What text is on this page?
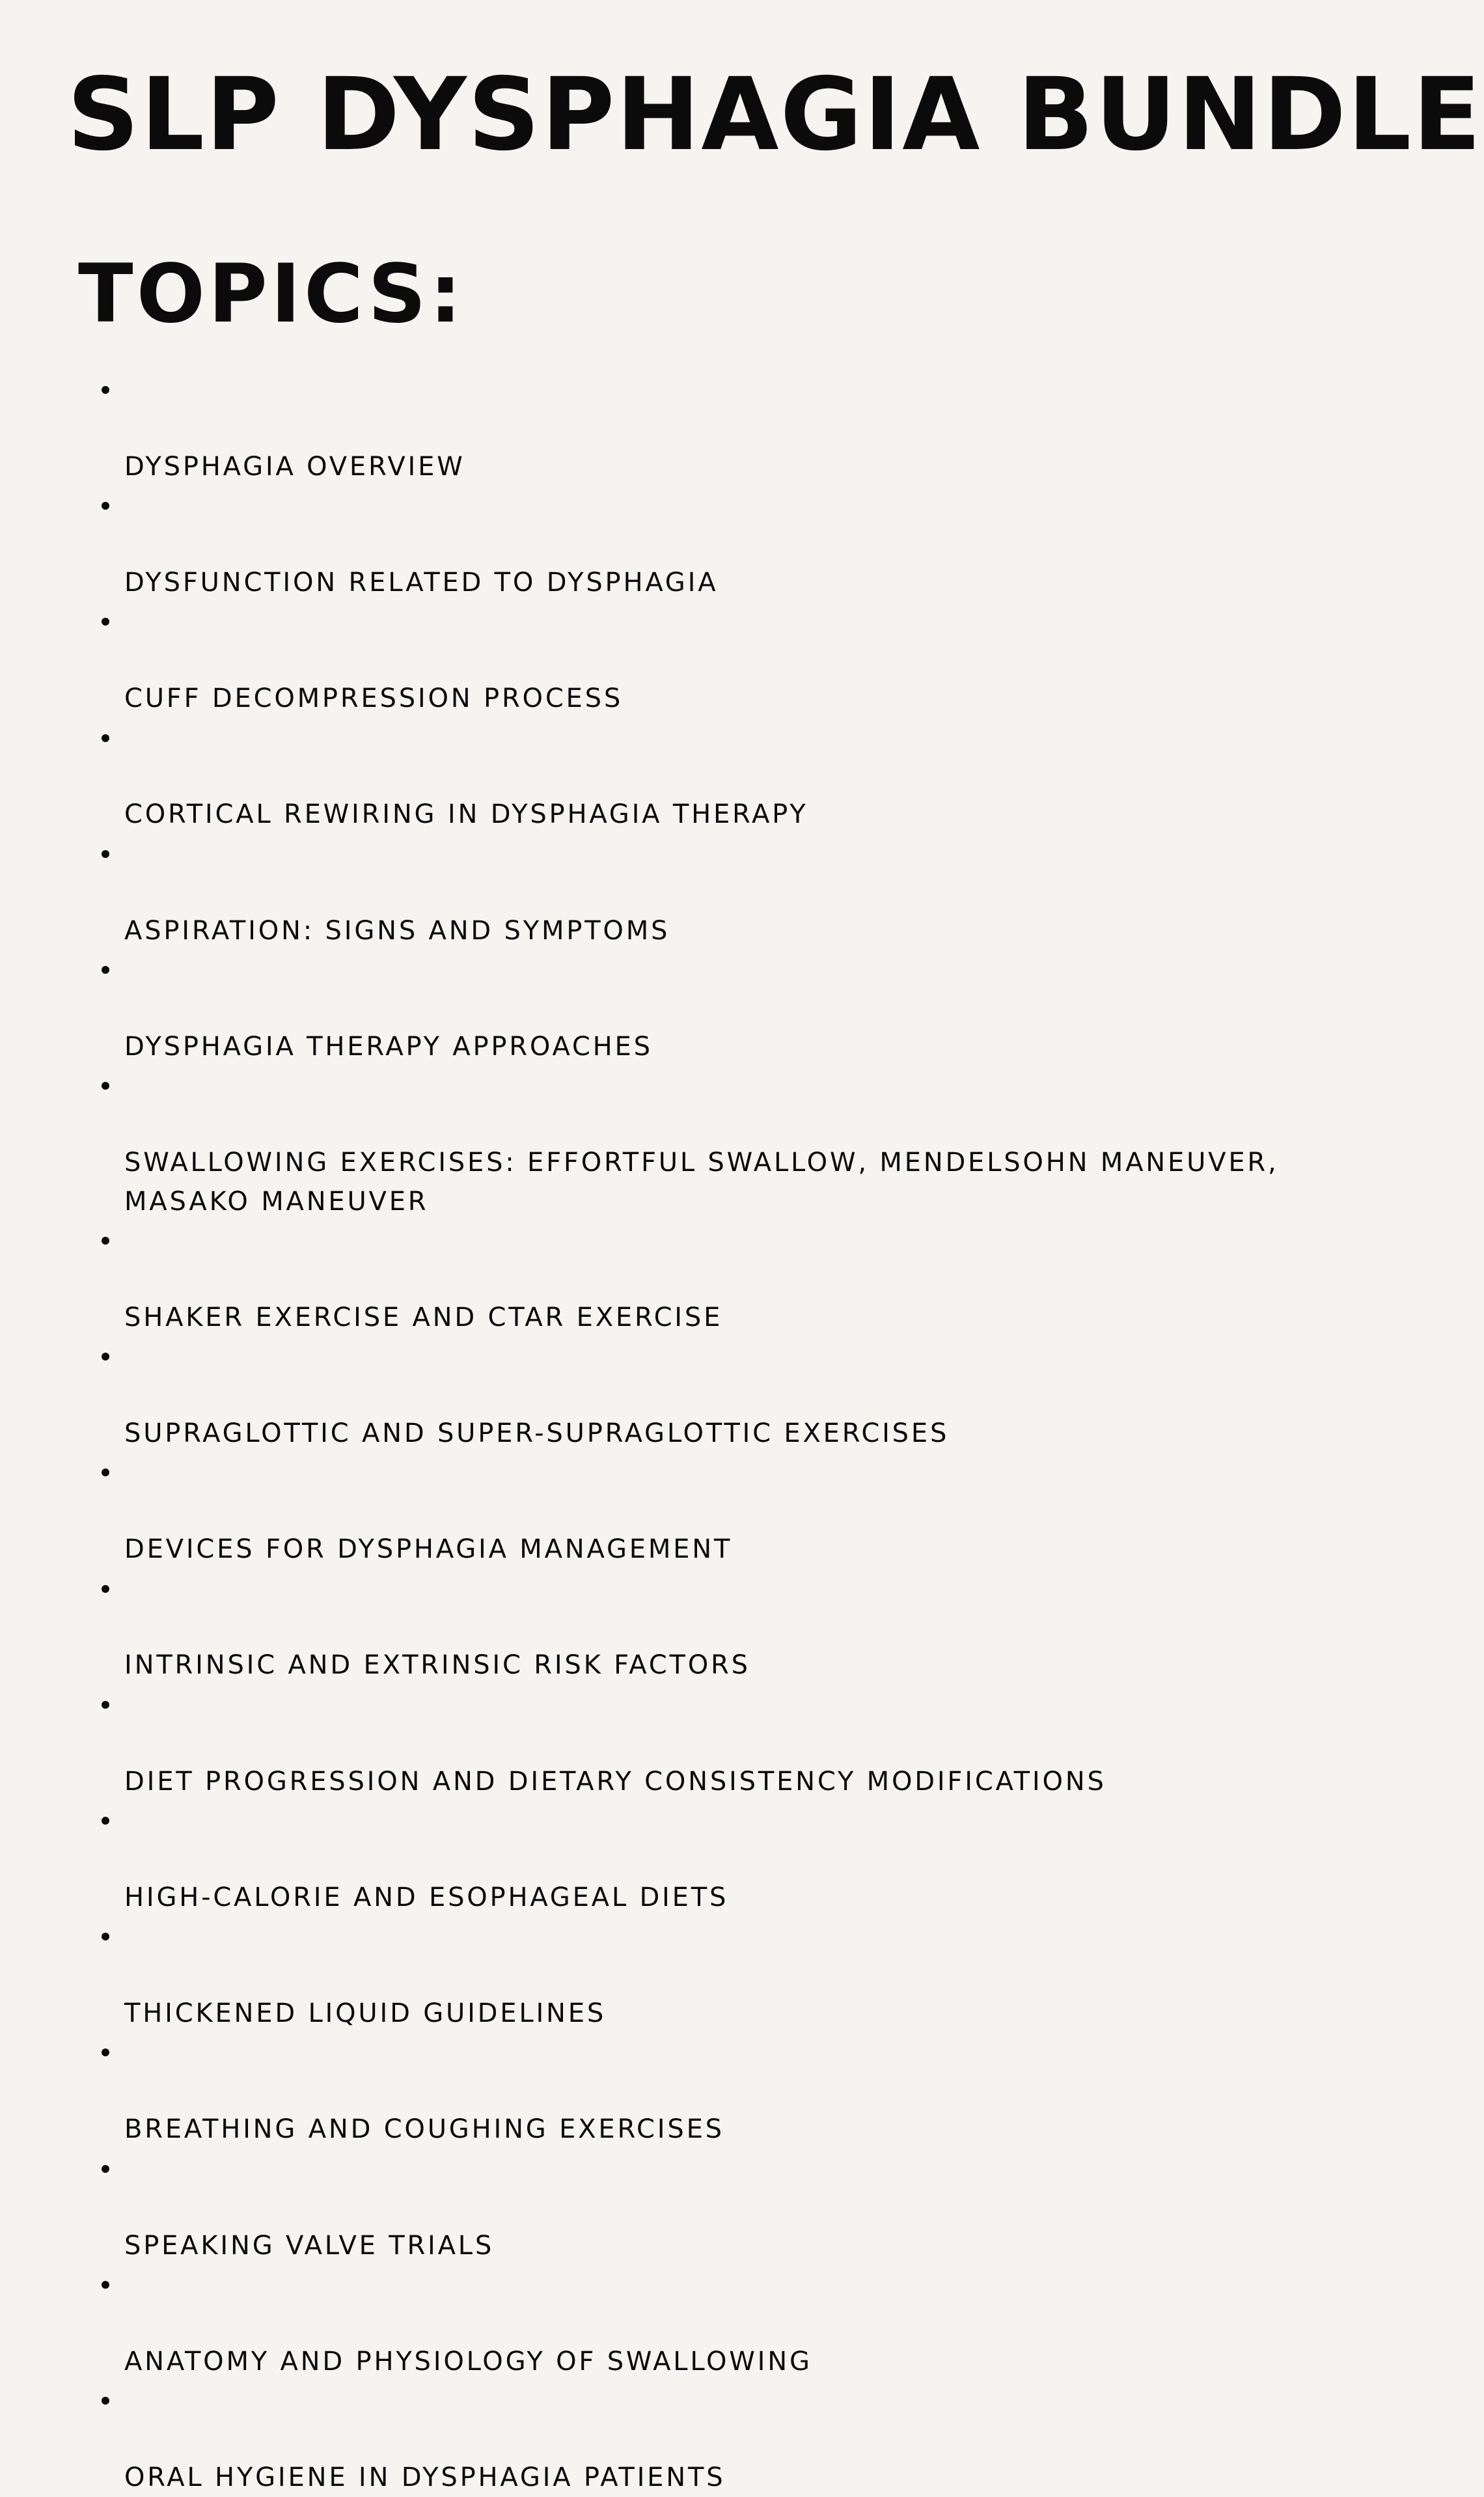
SLP DYSPHAGIA BUNDLE
TOPICS:

DYSPHAGIA OVERVIEW

DYSFUNCTION RELATED TO DYSPHAGIA

CUFF DECOMPRESSION PROCESS

CORTICAL REWIRING IN DYSPHAGIA THERAPY

ASPIRATION: SIGNS AND SYMPTOMS

DYSPHAGIA THERAPY APPROACHES

SWALLOWING EXERCISES: EFFORTFUL SWALLOW, MENDELSOHN MANEUVER,
MASAKO MANEUVER

SHAKER EXERCISE AND CTAR EXERCISE

SUPRAGLOTTIC AND SUPER-SUPRAGLOTTIC EXERCISES

DEVICES FOR DYSPHAGIA MANAGEMENT

INTRINSIC AND EXTRINSIC RISK FACTORS

DIET PROGRESSION AND DIETARY CONSISTENCY MODIFICATIONS

HIGH-CALORIE AND ESOPHAGEAL DIETS

THICKENED LIQUID GUIDELINES

BREATHING AND COUGHING EXERCISES

SPEAKING VALVE TRIALS

ANATOMY AND PHYSIOLOGY OF SWALLOWING

ORAL HYGIENE IN DYSPHAGIA PATIENTS
